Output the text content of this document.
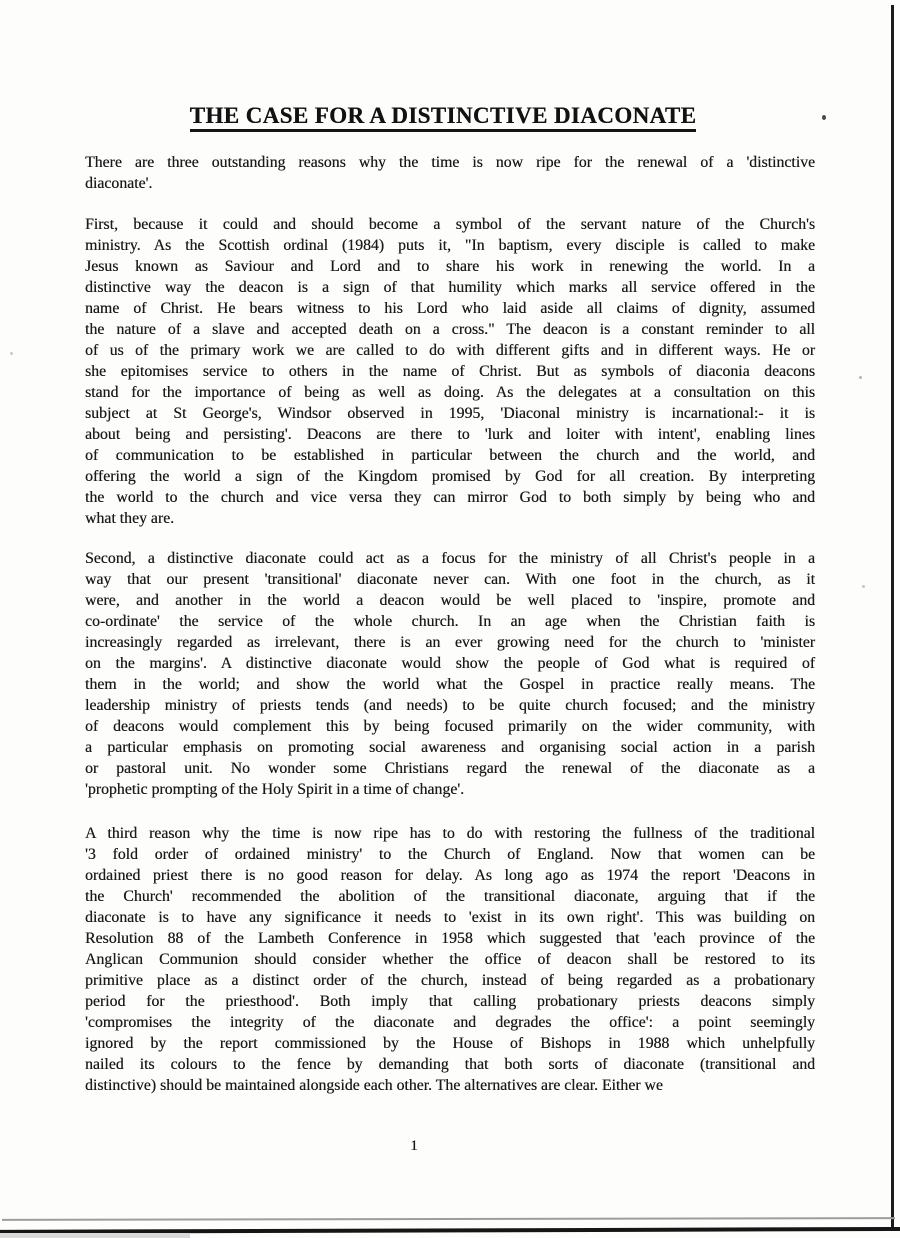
THE CASE FOR A DISTINCTIVE DIACONATE
There are three outstanding reasons why the time is now ripe for the renewal of a 'distinctive
diaconate'.
First, because it could and should become a symbol of the servant nature of the Church's
ministry. As the Scottish ordinal (1984) puts it, "In baptism, every disciple is called to make
Jesus known as Saviour and Lord and to share his work in renewing the world. In a
distinctive way the deacon is a sign of that humility which marks all service offered in the
name of Christ. He bears witness to his Lord who laid aside all claims of dignity, assumed
the nature of a slave and accepted death on a cross." The deacon is a constant reminder to all
of us of the primary work we are called to do with different gifts and in different ways. He or
she epitomises service to others in the name of Christ. But as symbols of diaconia deacons
stand for the importance of being as well as doing. As the delegates at a consultation on this
subject at St George's, Windsor observed in 1995, 'Diaconal ministry is incarnational:- it is
about being and persisting'. Deacons are there to 'lurk and loiter with intent', enabling lines
of communication to be established in particular between the church and the world, and
offering the world a sign of the Kingdom promised by God for all creation. By interpreting
the world to the church and vice versa they can mirror God to both simply by being who and
what they are.
Second, a distinctive diaconate could act as a focus for the ministry of all Christ's people in a
way that our present 'transitional' diaconate never can. With one foot in the church, as it
were, and another in the world a deacon would be well placed to 'inspire, promote and
co-ordinate' the service of the whole church. In an age when the Christian faith is
increasingly regarded as irrelevant, there is an ever growing need for the church to 'minister
on the margins'. A distinctive diaconate would show the people of God what is required of
them in the world; and show the world what the Gospel in practice really means. The
leadership ministry of priests tends (and needs) to be quite church focused; and the ministry
of deacons would complement this by being focused primarily on the wider community, with
a particular emphasis on promoting social awareness and organising social action in a parish
or pastoral unit. No wonder some Christians regard the renewal of the diaconate as a
'prophetic prompting of the Holy Spirit in a time of change'.
A third reason why the time is now ripe has to do with restoring the fullness of the traditional
'3 fold order of ordained ministry' to the Church of England. Now that women can be
ordained priest there is no good reason for delay. As long ago as 1974 the report 'Deacons in
the Church' recommended the abolition of the transitional diaconate, arguing that if the
diaconate is to have any significance it needs to 'exist in its own right'. This was building on
Resolution 88 of the Lambeth Conference in 1958 which suggested that 'each province of the
Anglican Communion should consider whether the office of deacon shall be restored to its
primitive place as a distinct order of the church, instead of being regarded as a probationary
period for the priesthood'. Both imply that calling probationary priests deacons simply
'compromises the integrity of the diaconate and degrades the office': a point seemingly
ignored by the report commissioned by the House of Bishops in 1988 which unhelpfully
nailed its colours to the fence by demanding that both sorts of diaconate (transitional and
distinctive) should be maintained alongside each other. The alternatives are clear. Either we
1
